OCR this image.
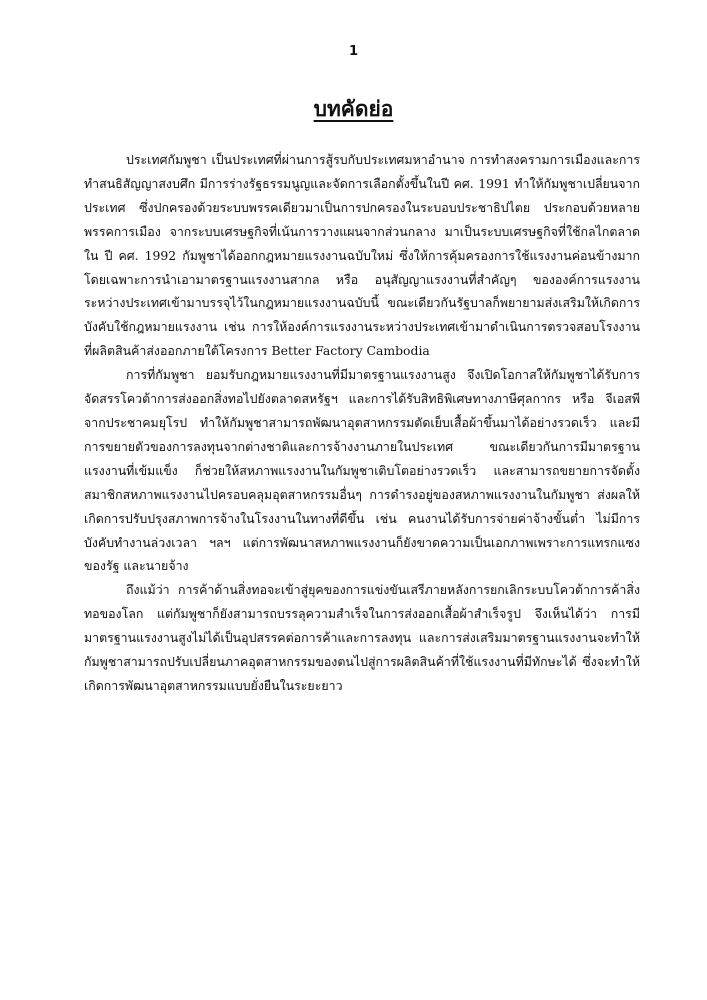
1
บทคัดย่อ

ประเทศกัมพูชา เป็นประเทศที่ผ่านการสู้รบกับประเทศมหาอำนาจ การทำสงครามการเมืองและการทำสนธิสัญญาสงบศึก มีการร่างรัฐธรรมนูญและจัดการเลือกตั้งขึ้นในปี คศ. 1991 ทำให้กัมพูชาเปลี่ยนจากประเทศ ซึ่งปกครองด้วยระบบพรรคเดียวมาเป็นการปกครองในระบอบประชาธิปไตย ประกอบด้วยหลายพรรคการเมือง จากระบบเศรษฐกิจที่เน้นการวางแผนจากส่วนกลาง มาเป็นระบบเศรษฐกิจที่ใช้กลไกตลาด ใน ปี คศ. 1992 กัมพูชาได้ออกกฎหมายแรงงานฉบับใหม่ ซึ่งให้การคุ้มครองการใช้แรงงานค่อนข้างมาก โดยเฉพาะการนำเอามาตรฐานแรงงานสากล หรือ อนุสัญญาแรงงานที่สำคัญๆ ขององค์การแรงงานระหว่างประเทศเข้ามาบรรจุไว้ในกฎหมายแรงงานฉบับนี้ ขณะเดียวกันรัฐบาลก็พยายามส่งเสริมให้เกิดการบังคับใช้กฎหมายแรงงาน เช่น การให้องค์การแรงงานระหว่างประเทศเข้ามาดำเนินการตรวจสอบโรงงานที่ผลิตสินค้าส่งออกภายใต้โครงการ Better Factory Cambodia

การที่กัมพูชา ยอมรับกฎหมายแรงงานที่มีมาตรฐานแรงงานสูง จึงเปิดโอกาสให้กัมพูชาได้รับการจัดสรรโควต้าการส่งออกสิ่งทอไปยังตลาดสหรัฐฯ และการได้รับสิทธิพิเศษทางภาษีศุลกากร หรือ จีเอสพี จากประชาคมยุโรป ทำให้กัมพูชาสามารถพัฒนาอุตสาหกรรมตัดเย็บเสื้อผ้าขึ้นมาได้อย่างรวดเร็ว และมีการขยายตัวของการลงทุนจากต่างชาติและการจ้างงานภายในประเทศ ขณะเดียวกันการมีมาตรฐานแรงงานที่เข้มแข็ง ก็ช่วยให้สหภาพแรงงานในกัมพูชาเติบโตอย่างรวดเร็ว และสามารถขยายการจัดตั้งสมาชิกสหภาพแรงงานไปครอบคลุมอุตสาหกรรมอื่นๆ การดำรงอยู่ของสหภาพแรงงานในกัมพูชา ส่งผลให้เกิดการปรับปรุงสภาพการจ้างในโรงงานในทางที่ดีขึ้น เช่น คนงานได้รับการจ่ายค่าจ้างขั้นต่ำ ไม่มีการบังคับทำงานล่วงเวลา ฯลฯ แต่การพัฒนาสหภาพแรงงานก็ยังขาดความเป็นเอกภาพเพราะการแทรกแซงของรัฐ และนายจ้าง

ถึงแม้ว่า การค้าด้านสิ่งทอจะเข้าสู่ยุคของการแข่งขันเสรีภายหลังการยกเลิกระบบโควต้าการค้าสิ่งทอของโลก แต่กัมพูชาก็ยังสามารถบรรลุความสำเร็จในการส่งออกเสื้อผ้าสำเร็จรูป จึงเห็นได้ว่า การมีมาตรฐานแรงงานสูงไม่ได้เป็นอุปสรรคต่อการค้าและการลงทุน และการส่งเสริมมาตรฐานแรงงานจะทำให้กัมพูชาสามารถปรับเปลี่ยนภาคอุตสาหกรรมของตนไปสู่การผลิตสินค้าที่ใช้แรงงานที่มีทักษะได้ ซึ่งจะทำให้เกิดการพัฒนาอุตสาหกรรมแบบยั่งยืนในระยะยาว
